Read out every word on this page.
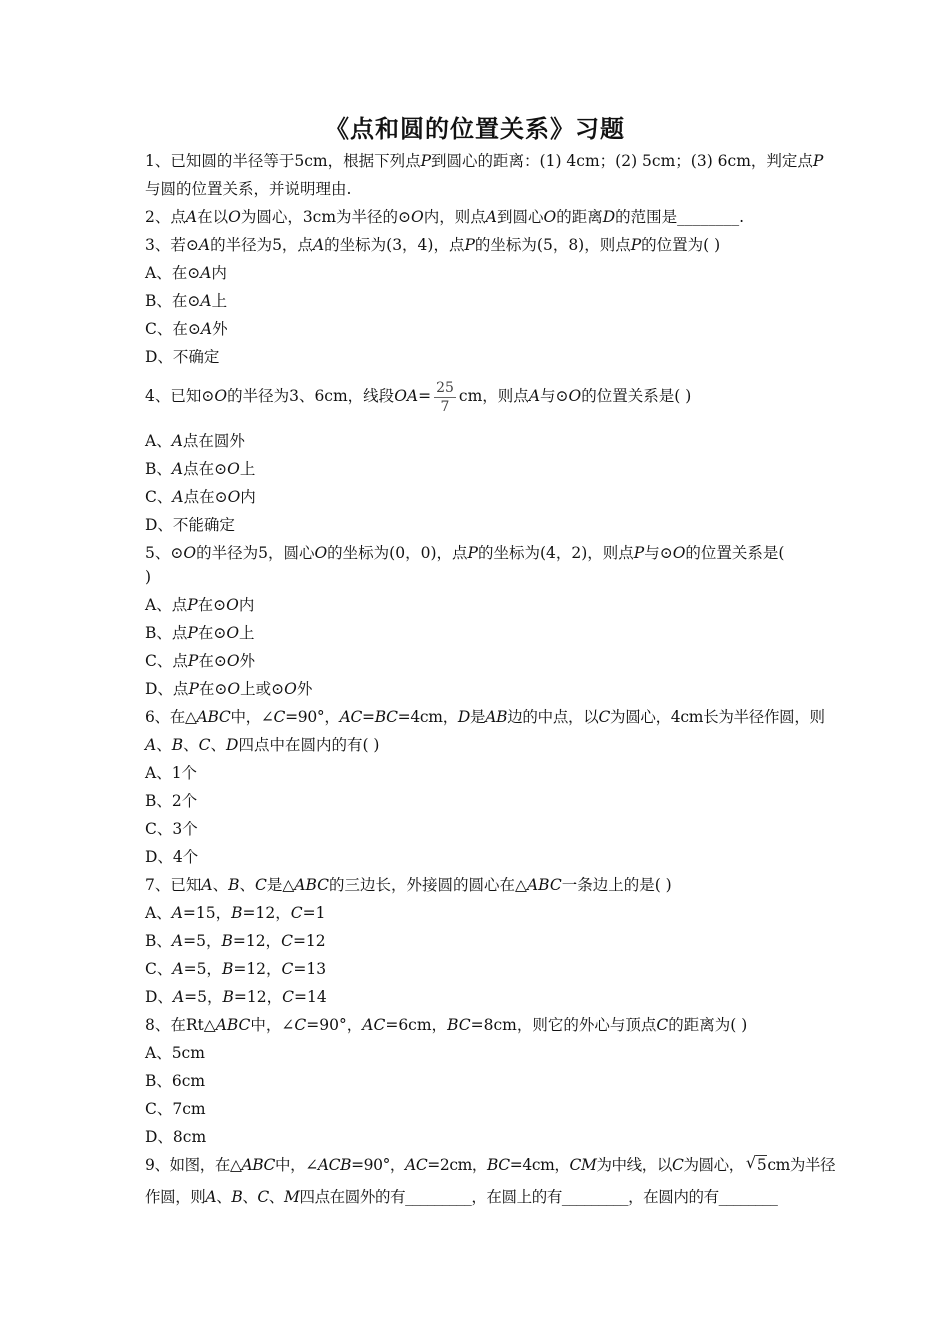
《点和圆的位置关系》习题
1、已知圆的半径等于5cm，根据下列点P到圆心的距离：(1) 4cm；(2) 5cm；(3) 6cm，判定点P
与圆的位置关系，并说明理由.
2、点A在以O为圆心，3cm为半径的⊙O内，则点A到圆心O的距离D的范围是________.
3、若⊙A的半径为5，点A的坐标为(3，4)，点P的坐标为(5，8)，则点P的位置为( )
A、在⊙A内
B、在⊙A上
C、在⊙A外
D、不确定
4、已知⊙O的半径为3、6cm，线段$OA= \frac{25}{7}$ cm，则点A与⊙O的位置关系是( )
A、A点在圆外
B、A点在⊙O上
C、A点在⊙O内
D、不能确定
5、⊙O的半径为5，圆心O的坐标为(0，0)，点P的坐标为(4，2)，则点P与⊙O的位置关系是(
)
A、点P在⊙O内
B、点P在⊙O上
C、点P在⊙O外
D、点P在⊙O上或⊙O外
6、在△ABC中，∠C=90°，AC=BC=4cm，D是AB边的中点，以C为圆心，4cm长为半径作圆，则
A、B、C、D四点中在圆内的有( )
A、1个
B、2个
C、3个
D、4个
7、已知A、B、C是△ABC的三边长，外接圆的圆心在△ABC一条边上的是( )
A、A=15，B=12，C=1
B、A=5，B=12，C=12
C、A=5，B=12，C=13
D、A=5，B=12，C=14
8、在Rt△ABC中，∠C=90°，AC=6cm，BC=8cm，则它的外心与顶点C的距离为( )
A、5cm
B、6cm
C、7cm
D、8cm
9、如图，在△ABC中，∠ACB=90°，AC=2cm，BC=4cm，CM为中线，以C为圆心，√ 5cm为半径
作圆，则A、B、C、M四点在圆外的有_________，在圆上的有_________，在圆内的有________
